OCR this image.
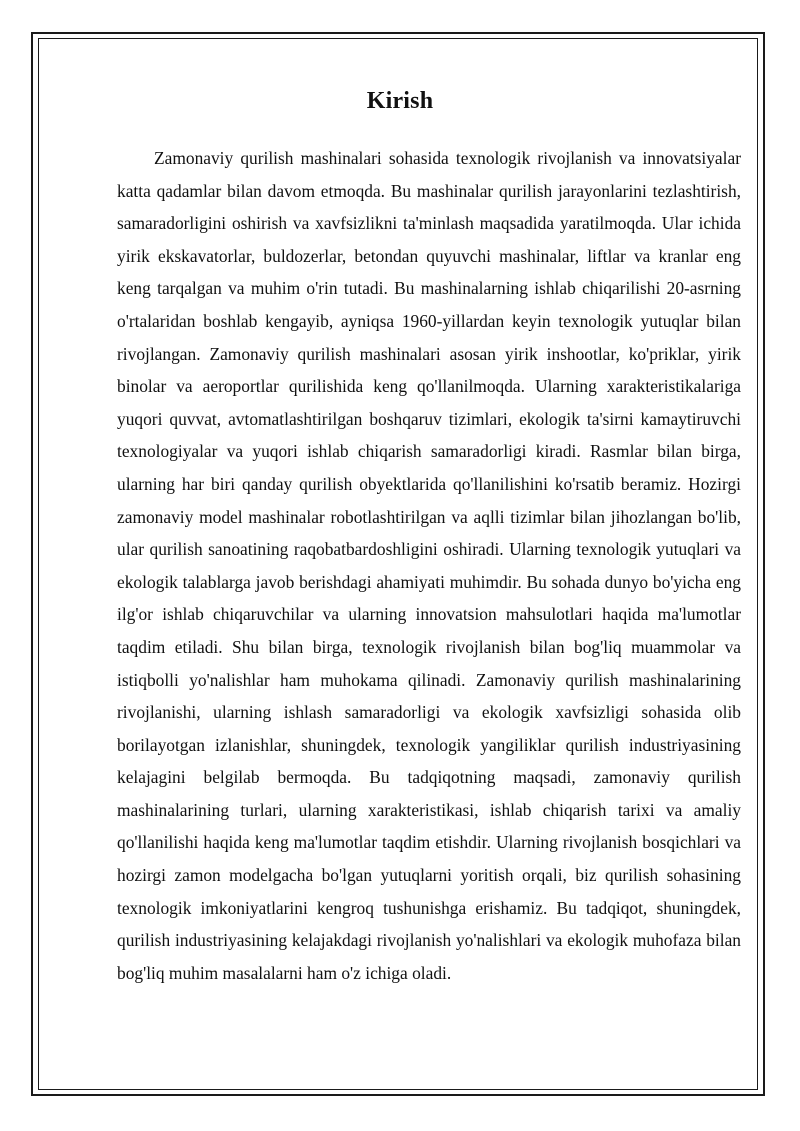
Kirish

Zamonaviy qurilish mashinalari sohasida texnologik rivojlanish va innovatsiyalar katta qadamlar bilan davom etmoqda. Bu mashinalar qurilish jarayonlarini tezlashtirish, samaradorligini oshirish va xavfsizlikni ta'minlash maqsadida yaratilmoqda. Ular ichida yirik ekskavatorlar, buldozerlar, betondan quyuvchi mashinalar, liftlar va kranlar eng keng tarqalgan va muhim o'rin tutadi. Bu mashinalarning ishlab chiqarilishi 20-asrning o'rtalaridan boshlab kengayib, ayniqsa 1960-yillardan keyin texnologik yutuqlar bilan rivojlangan. Zamonaviy qurilish mashinalari asosan yirik inshootlar, ko'priklar, yirik binolar va aeroportlar qurilishida keng qo'llanilmoqda. Ularning xarakteristikalariga yuqori quvvat, avtomatlashtirilgan boshqaruv tizimlari, ekologik ta'sirni kamaytiruvchi texnologiyalar va yuqori ishlab chiqarish samaradorligi kiradi. Rasmlar bilan birga, ularning har biri qanday qurilish obyektlarida qo'llanilishini ko'rsatib beramiz. Hozirgi zamonaviy model mashinalar robotlashtirilgan va aqlli tizimlar bilan jihozlangan bo'lib, ular qurilish sanoatining raqobatbardoshligini oshiradi. Ularning texnologik yutuqlari va ekologik talablarga javob berishdagi ahamiyati muhimdir. Bu sohada dunyo bo'yicha eng ilg'or ishlab chiqaruvchilar va ularning innovatsion mahsulotlari haqida ma'lumotlar taqdim etiladi. Shu bilan birga, texnologik rivojlanish bilan bog'liq muammolar va istiqbolli yo'nalishlar ham muhokama qilinadi. Zamonaviy qurilish mashinalarining rivojlanishi, ularning ishlash samaradorligi va ekologik xavfsizligi sohasida olib borilayotgan izlanishlar, shuningdek, texnologik yangiliklar qurilish industriyasining kelajagini belgilab bermoqda. Bu tadqiqotning maqsadi, zamonaviy qurilish mashinalarining turlari, ularning xarakteristikasi, ishlab chiqarish tarixi va amaliy qo'llanilishi haqida keng ma'lumotlar taqdim etishdir. Ularning rivojlanish bosqichlari va hozirgi zamon modelgacha bo'lgan yutuqlarni yoritish orqali, biz qurilish sohasining texnologik imkoniyatlarini kengroq tushunishga erishamiz. Bu tadqiqot, shuningdek, qurilish industriyasining kelajakdagi rivojlanish yo'nalishlari va ekologik muhofaza bilan bog'liq muhim masalalarni ham o'z ichiga oladi.
